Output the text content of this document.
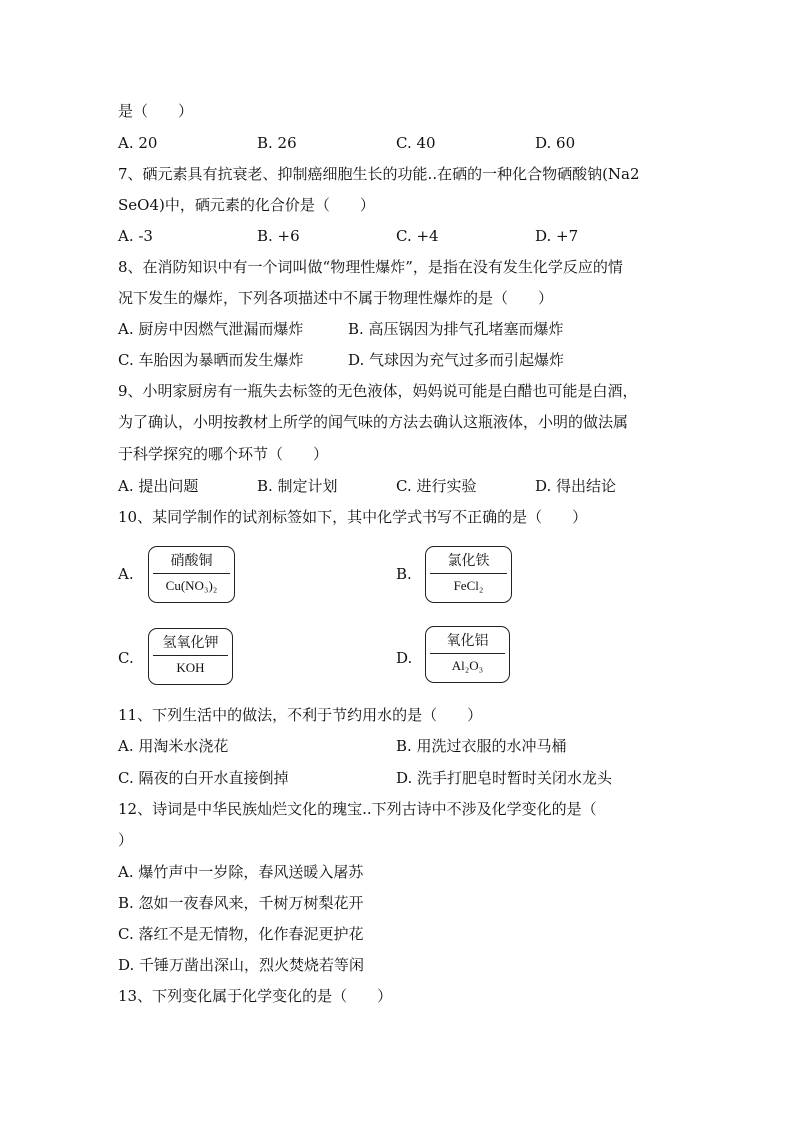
是（　　）
A. 20	B. 26	C. 40	D. 60
7、硒元素具有抗衰老、抑制癌细胞生长的功能..在硒的一种化合物硒酸钠(Na2
SeO4)中，硒元素的化合价是（　　）
A. -3	B. +6	C. +4	D. +7
8、在消防知识中有一个词叫做“物理性爆炸”，是指在没有发生化学反应的情
况下发生的爆炸，下列各项描述中不属于物理性爆炸的是（　　）
A. 厨房中因燃气泄漏而爆炸	B. 高压锅因为排气孔堵塞而爆炸
C. 车胎因为暴晒而发生爆炸	D. 气球因为充气过多而引起爆炸
9、小明家厨房有一瓶失去标签的无色液体，妈妈说可能是白醋也可能是白酒，
为了确认，小明按教材上所学的闻气味的方法去确认这瓶液体，小明的做法属
于科学探究的哪个环节（　　）
A. 提出问题	B. 制定计划	C. 进行实验	D. 得出结论
10、某同学制作的试剂标签如下，其中化学式书写不正确的是（　　）
A.
硝酸铜
Cu(NO₃)₂
B.
氯化铁
FeCl₂
C.
氢氧化钾
KOH
D.
氧化铝
Al₂O₃
11、下列生活中的做法，不利于节约用水的是（　　）
A. 用淘米水浇花	B. 用洗过衣服的水冲马桶
C. 隔夜的白开水直接倒掉	D. 洗手打肥皂时暂时关闭水龙头
12、诗词是中华民族灿烂文化的瑰宝..下列古诗中不涉及化学变化的是（
）
A. 爆竹声中一岁除，春风送暖入屠苏
B. 忽如一夜春风来，千树万树梨花开
C. 落红不是无情物，化作春泥更护花
D. 千锤万凿出深山，烈火焚烧若等闲
13、下列变化属于化学变化的是（　　）
